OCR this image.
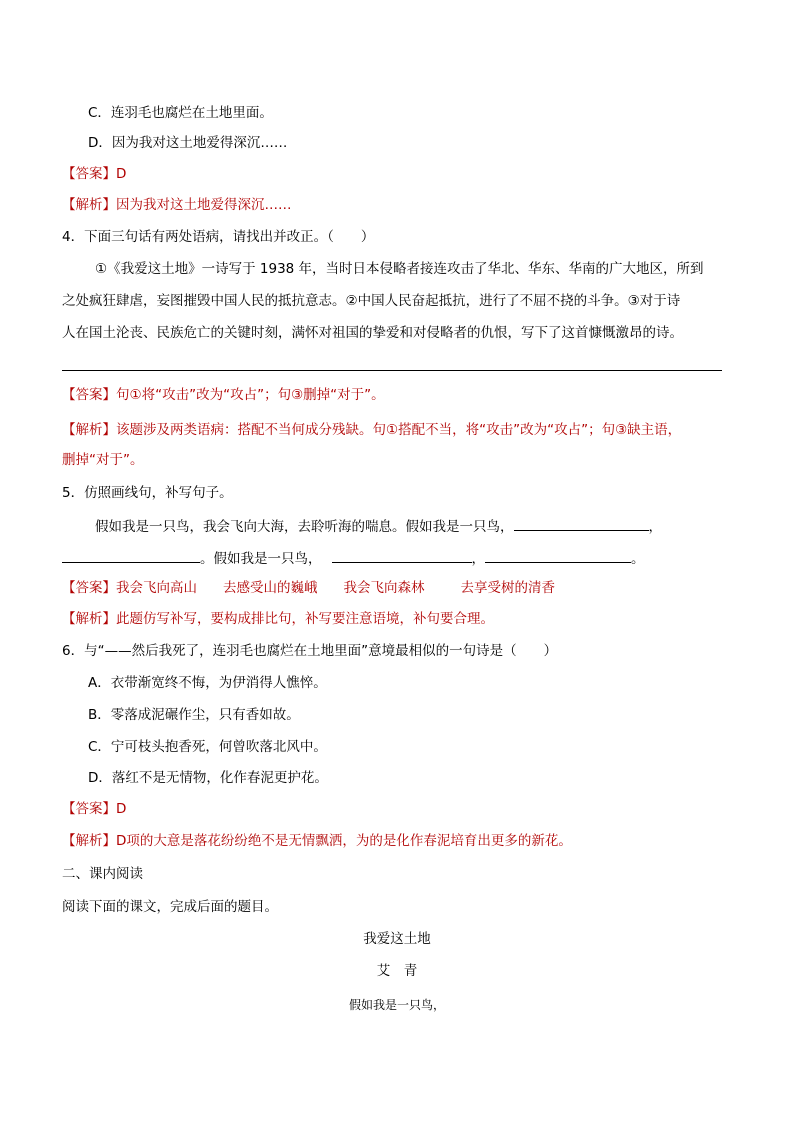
C．连羽毛也腐烂在土地里面。
D．因为我对这土地爱得深沉……
【答案】D
【解析】因为我对这土地爱得深沉……
4．下面三句话有两处语病，请找出并改正。（　　）
①《我爱这土地》一诗写于 1938 年，当时日本侵略者接连攻击了华北、华东、华南的广大地区，所到
之处疯狂肆虐，妄图摧毁中国人民的抵抗意志。②中国人民奋起抵抗，进行了不屈不挠的斗争。③对于诗
人在国土沦丧、民族危亡的关键时刻，满怀对祖国的挚爱和对侵略者的仇恨，写下了这首慷慨激昂的诗。
【答案】句①将“攻击”改为“攻占”；句③删掉“对于”。
【解析】该题涉及两类语病：搭配不当何成分残缺。句①搭配不当，将“攻击”改为“攻占”；句③缺主语，
删掉“对于”。
5．仿照画线句，补写句子。
假如我是一只鸟，我会飞向大海，去聆听海的喘息。假如我是一只鸟，	，
。假如我是一只鸟，	，	。
【答案】我会飞向高山 去感受山的巍峨 我会飞向森林	去享受树的清香
【解析】此题仿写补写，要构成排比句，补写要注意语境，补句要合理。
6．与“——然后我死了，连羽毛也腐烂在土地里面”意境最相似的一句诗是（　　）
A．衣带渐宽终不悔，为伊消得人憔悴。
B．零落成泥碾作尘，只有香如故。
C．宁可枝头抱香死，何曾吹落北风中。
D．落红不是无情物，化作春泥更护花。
【答案】D
【解析】D项的大意是落花纷纷绝不是无情飘洒，为的是化作春泥培育出更多的新花。
二、课内阅读
阅读下面的课文，完成后面的题目。
我爱这土地
艾　青
假如我是一只鸟，
